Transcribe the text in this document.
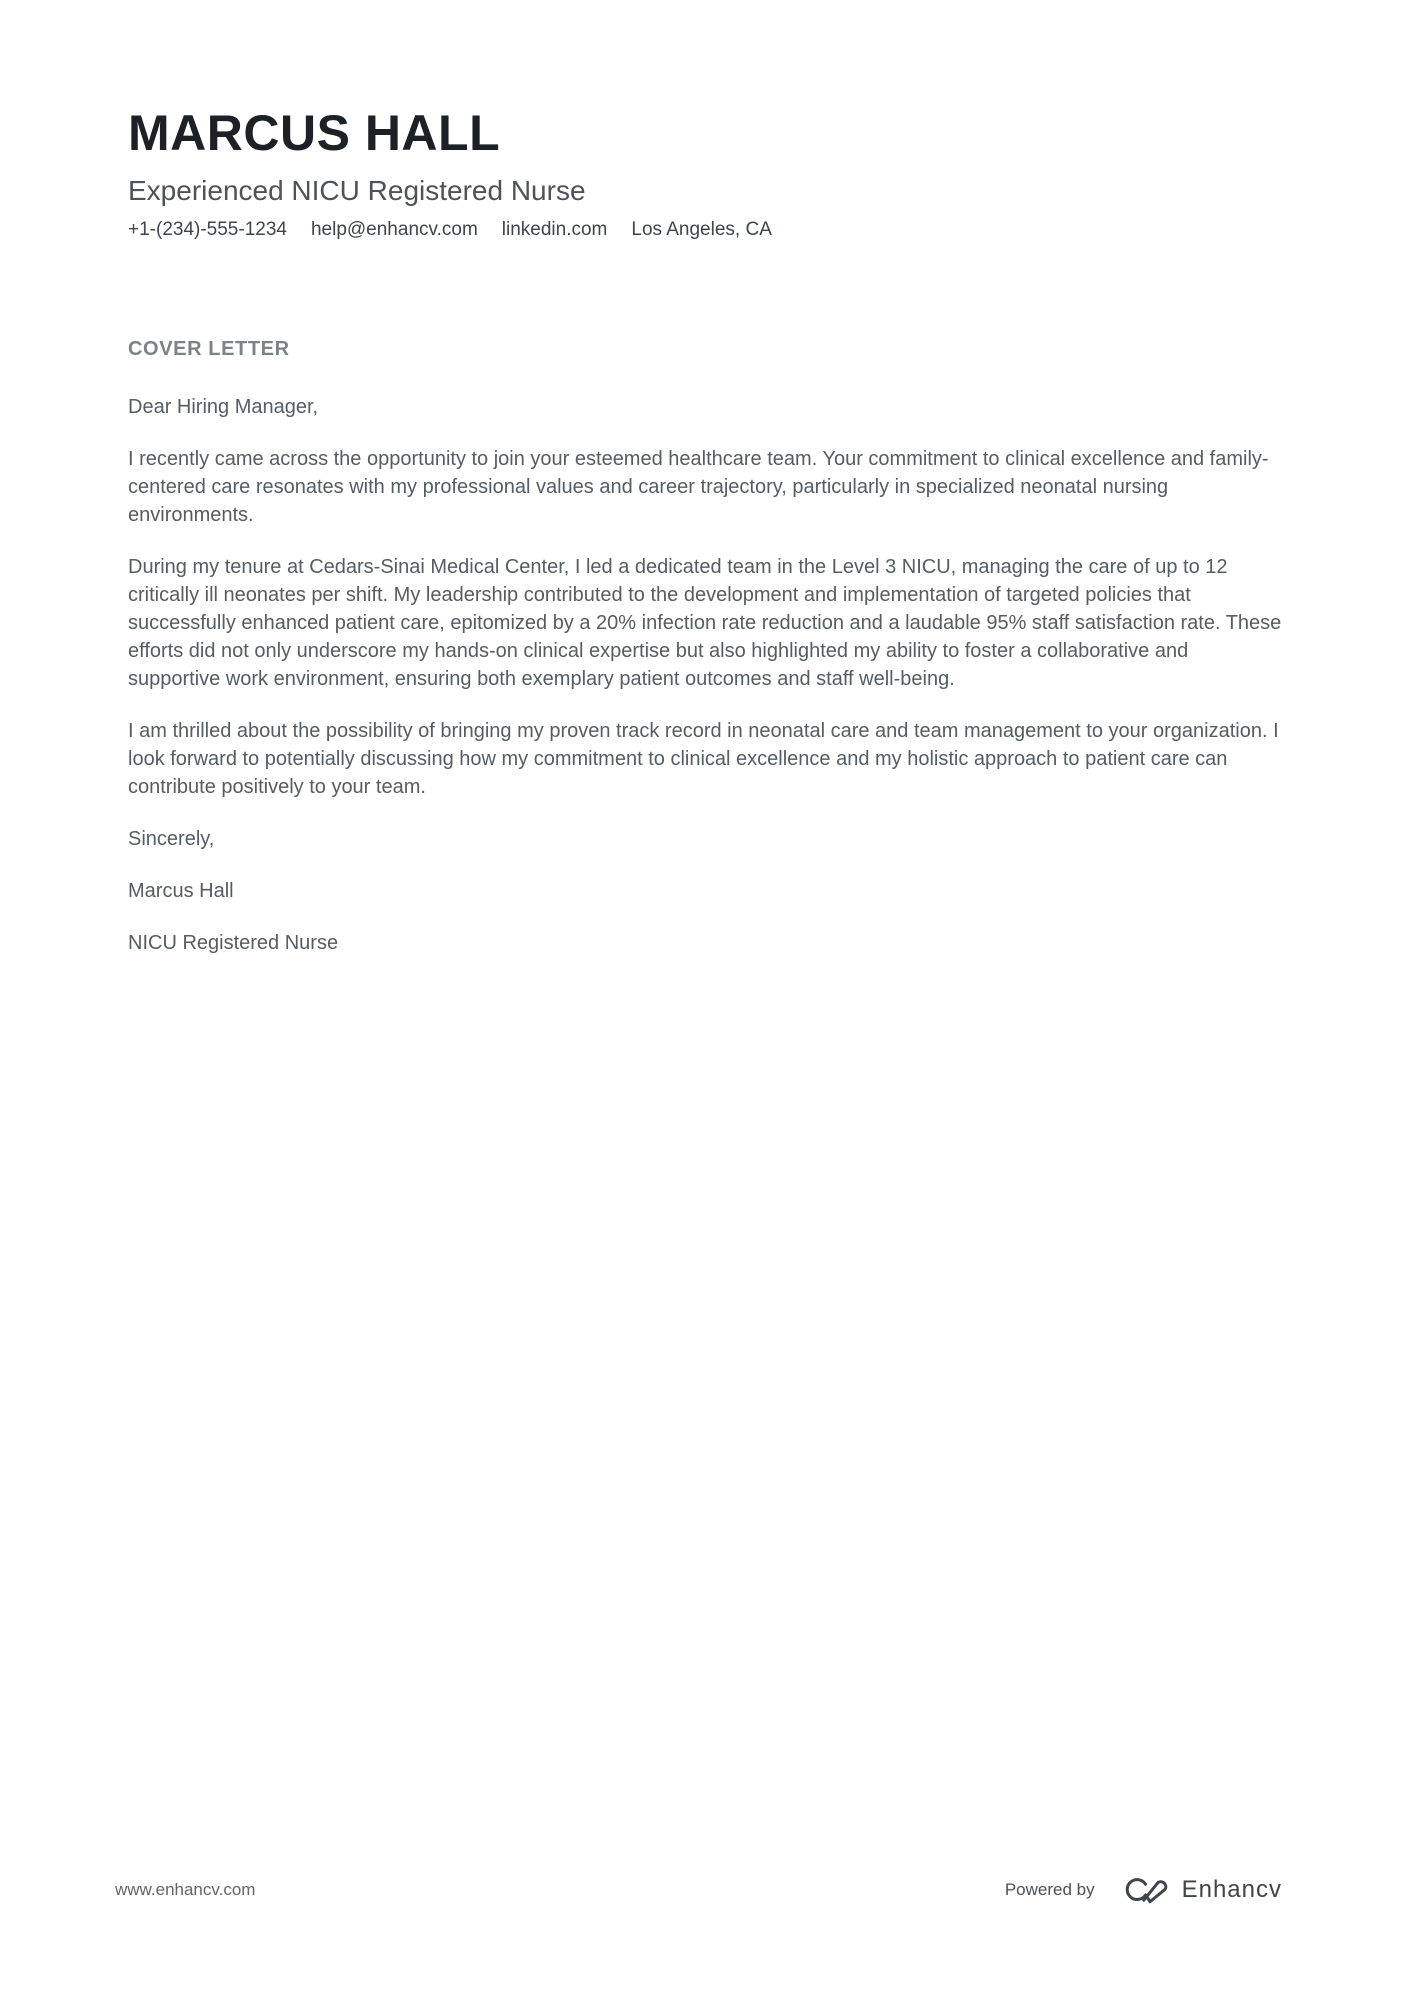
MARCUS HALL
Experienced NICU Registered Nurse
+1-(234)-555-1234 help@enhancv.com linkedin.com Los Angeles, CA
COVER LETTER

Dear Hiring Manager,

I recently came across the opportunity to join your esteemed healthcare team. Your commitment to clinical excellence and family-centered care resonates with my professional values and career trajectory, particularly in specialized neonatal nursing environments.

During my tenure at Cedars-Sinai Medical Center, I led a dedicated team in the Level 3 NICU, managing the care of up to 12 critically ill neonates per shift. My leadership contributed to the development and implementation of targeted policies that successfully enhanced patient care, epitomized by a 20% infection rate reduction and a laudable 95% staff satisfaction rate. These efforts did not only underscore my hands-on clinical expertise but also highlighted my ability to foster a collaborative and supportive work environment, ensuring both exemplary patient outcomes and staff well-being.

I am thrilled about the possibility of bringing my proven track record in neonatal care and team management to your organization. I look forward to potentially discussing how my commitment to clinical excellence and my holistic approach to patient care can contribute positively to your team.

Sincerely,

Marcus Hall

NICU Registered Nurse

www.enhancv.com	Powered by	Enhancv
